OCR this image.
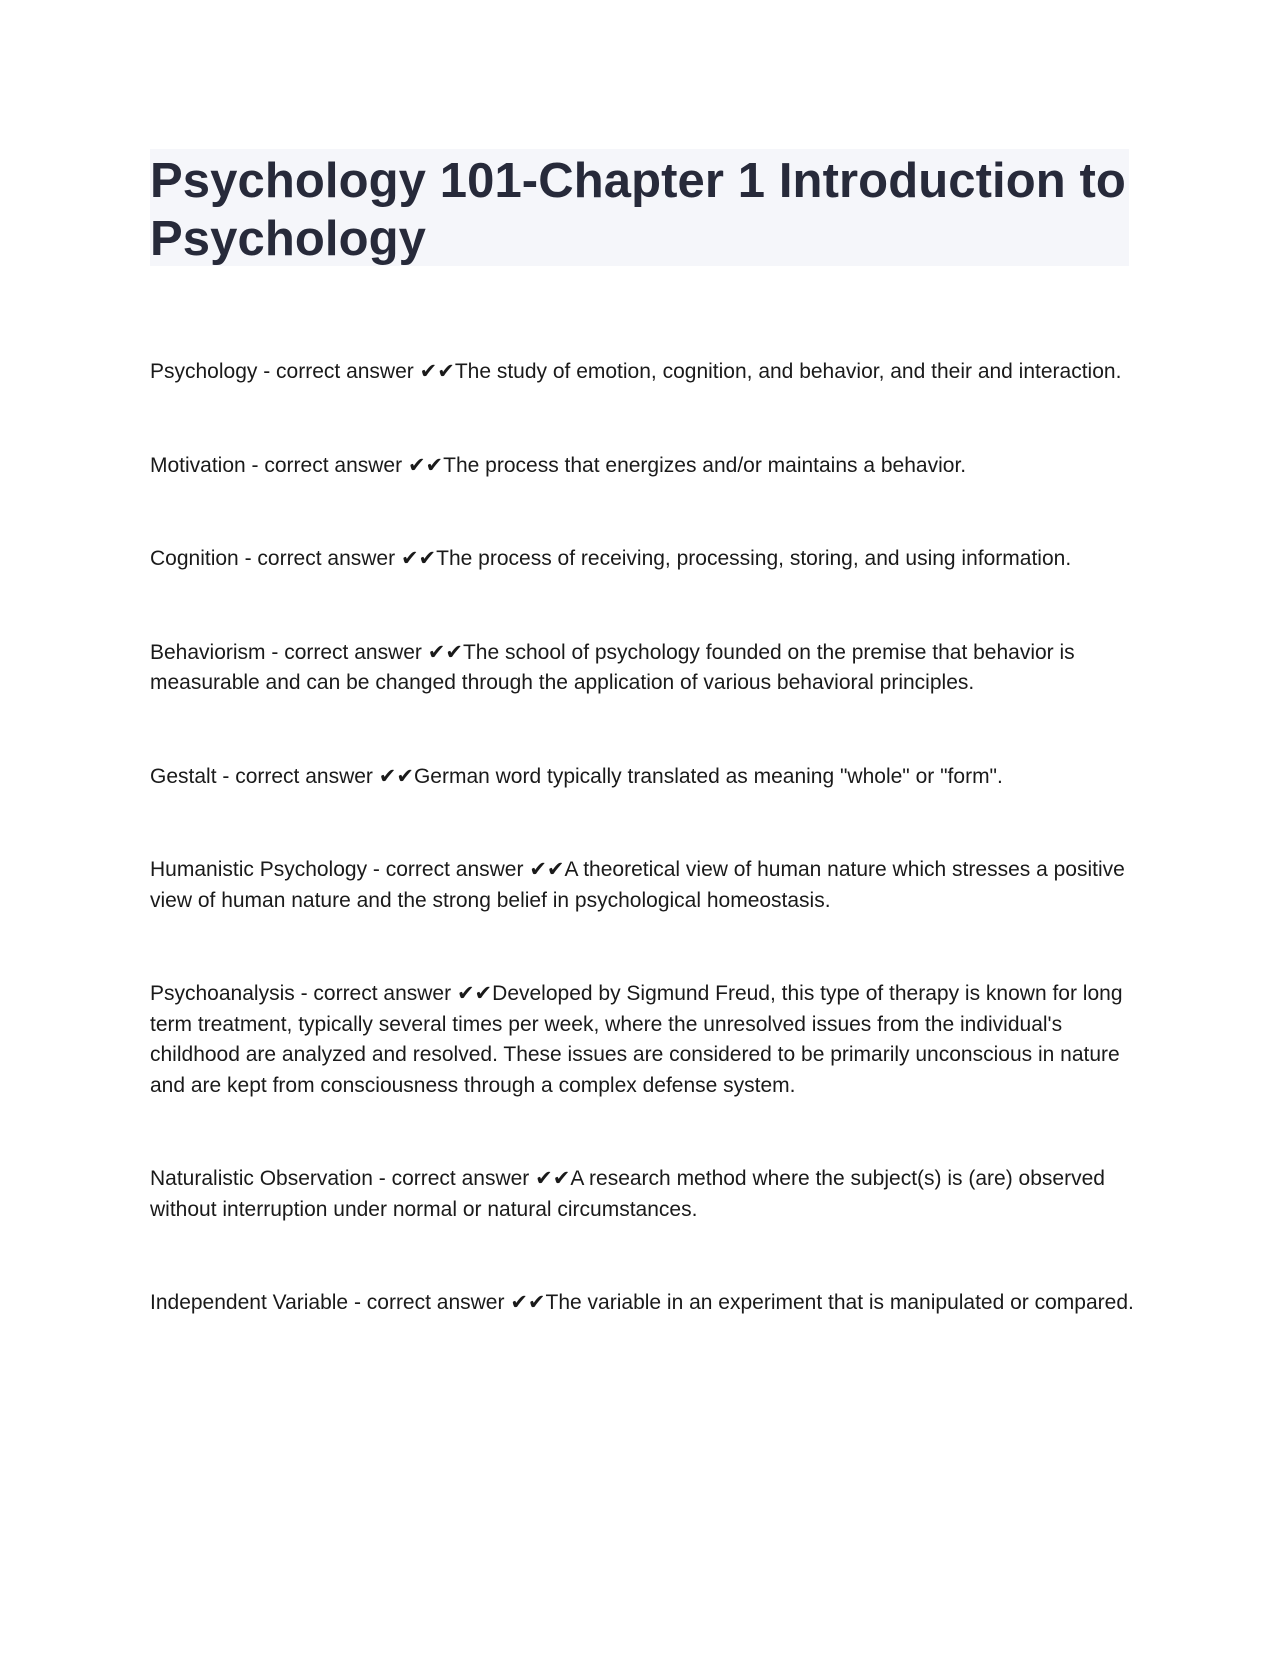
Psychology 101-Chapter 1 Introduction to Psychology

Psychology - correct answer ✔✔The study of emotion, cognition, and behavior, and their and interaction.

Motivation - correct answer ✔✔The process that energizes and/or maintains a behavior.

Cognition - correct answer ✔✔The process of receiving, processing, storing, and using information.

Behaviorism - correct answer ✔✔The school of psychology founded on the premise that behavior is measurable and can be changed through the application of various behavioral principles.

Gestalt - correct answer ✔✔German word typically translated as meaning "whole" or "form".

Humanistic Psychology - correct answer ✔✔A theoretical view of human nature which stresses a positive view of human nature and the strong belief in psychological homeostasis.

Psychoanalysis - correct answer ✔✔Developed by Sigmund Freud, this type of therapy is known for long term treatment, typically several times per week, where the unresolved issues from the individual's childhood are analyzed and resolved. These issues are considered to be primarily unconscious in nature and are kept from consciousness through a complex defense system.

Naturalistic Observation - correct answer ✔✔A research method where the subject(s) is (are) observed without interruption under normal or natural circumstances.

Independent Variable - correct answer ✔✔The variable in an experiment that is manipulated or compared.
